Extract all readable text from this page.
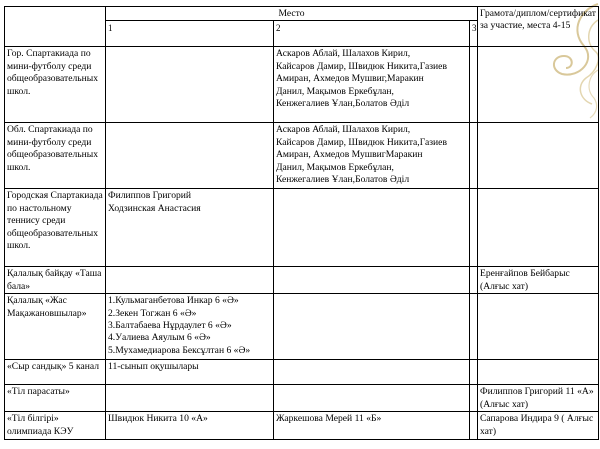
	Место			Грамота/диплом/сертификат за участие, места 4-15
	1	2	3	
Гор. Спартакиада по мини-футболу среди общеобразовательных школ.		Аскаров Аблай, Шалахов Кирил,
Кайсаров Дамир, Швидюк Никита,Газиев
Амиран, Ахмедов Мушвиг,Маракин
Данил, Мақымов Еркебұлан,
Кенжегалиев Ұлан,Болатов Әділ		

Обл. Спартакиада по мини-футболу среди общеобразовательных школ.		Аскаров Аблай, Шалахов Кирил,
Кайсаров Дамир, Швидюк Никита,Газиев
Амиран, Ахмедов МушвигМаракин
Данил, Мақымов Еркебұлан,
Кенжегалиев Ұлан,Болатов Әділ		

Городская Спартакиада по настольному теннису среди общеобразовательных школ.	Филиппов Григорий
Ходзинская Анастасия			

Қалалық байқау «Таша бала»				Еренғайпов Бейбарыс (Алғыс хат)
Қалалық «Жас Мақажановшылар»	1.Кульмаганбетова Инкар 6 «Ә»
2.Зекен Тогжан 6 «Ә»
3.Балтабаева Нұрдаулет 6 «Ә»
4.Уалиева Аяулым 6 «Ә»
5.Мухамедиарова Бексұлтан 6 «Ә»			

«Сыр сандық» 5 канал	11-сынып оқушылары			

«Тіл парасаты»				Филиппов Григорий 11 «А» (Алғыс хат)
«Тіл білгірі» олимпиада КЭУ	Швидюк Никита 10 «А»	Жаркешова Мерей 11 «Б»		Сапарова Индира 9 ( Алғыс хат)
